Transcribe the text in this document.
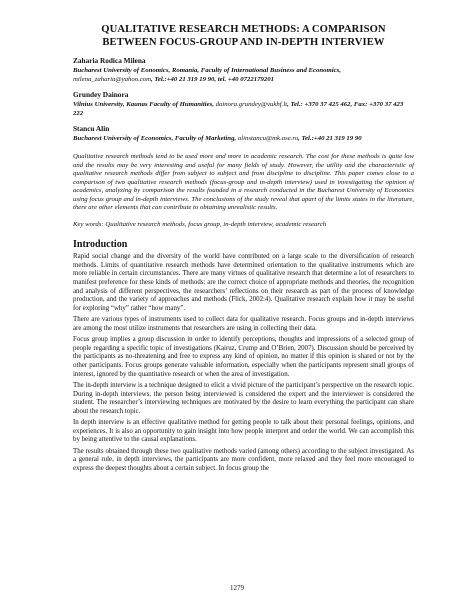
QUALITATIVE RESEARCH METHODS: A COMPARISON
BETWEEN FOCUS-GROUP AND IN-DEPTH INTERVIEW
Zaharia Rodica Milena
Bucharest University of Eonomics, Romania, Faculty of International Business and Economics, milena_zaharia@yahoo.com, Tel.:+40 21 319 19 90, tel. +40 0722179201
Grundey Dainora
Vilnius University, Kaunas Faculty of Humanities, dainora.grundey@vukhf.lt, Tel.: +370 37 425 462, Fax: +370 37 423 222
Stancu Alin
Bucharest University of Economics, Faculty of Marketing, alinstancu@mk.ase.ro, Tel.:+40 21 319 19 90
Qualitative research methods tend to be used more and more in academic research. The cost for these methods is quite low and the results may be very interesting and useful for many fields of study. However, the utility and the characteristic of qualitative research methods differ from subject to subject and from discipline to discipline. This paper comes close to a comparison of two qualitative research methods (focus-group and in-depth interview) used in investigating the opinion of academics, analyzing by comparison the results founded in a research conducted in the Bucharest University of Economics using focus group and in-depth interviews. The conclusions of the study reveal that apart of the limits states in the literature, there are other elements that can contribute to obtaining unrealistic results.
Key words: Qualitative research methods, focus group, in-depth interview, academic research
Introduction
Rapid social change and the diversity of the world have contributed on a large scale to the diversification of research methods. Limits of quantitative research methods have determined orientation to the qualitative instruments which are more reliable in certain circumstances. There are many virtues of qualitative research that determine a lot of researchers to manifest preference for these kinds of methods: are the correct choice of appropriate methods and theories, the recognition and analysis of different perspectives, the researchers’ reflections on their research as part of the process of knowledge production, and the variety of approaches and methods (Flick, 2002:4). Qualitative research explain how it may be useful for exploring “why” rather “how many”.
There are various types of instruments used to collect data for qualitative research. Focus groups and in-depth interviews are among the most utilize instruments that researchers are using in collecting their data.
Focus group implies a group discussion in order to identify perceptions, thoughts and impressions of a selected group of people regarding a specific topic of investigations (Kairuz, Crump and O’Brien, 2007). Discussion should be perceived by the participants as no-threatening and free to express any kind of opinion, no matter if this opinion is shared or not by the other participants. Focus groups generate valuable information, especially when the participants represent small groups of interest, ignored by the quantitative research or when the area of investigation.
The in-depth interview is a technique designed to elicit a vivid picture of the participant’s perspective on the research topic. During in-depth interviews, the person being interviewed is considered the expert and the interviewer is considered the student. The researcher’s interviewing techniques are motivated by the desire to learn everything the participant can share about the research topic.
In depth interview is an effective qualitative method for getting people to talk about their personal feelings, opinions, and experiences. It is also an opportunity to gain insight into how people interpret and order the world. We can accomplish this by being attentive to the causal explanations.
The results obtained through these two qualitative methods varied (among others) according to the subject investigated. As a general rule, in depth interviews, the participants are more confident, more relaxed and they feel more encouraged to express the deepest thoughts about a certain subject. In focus group the
1279
